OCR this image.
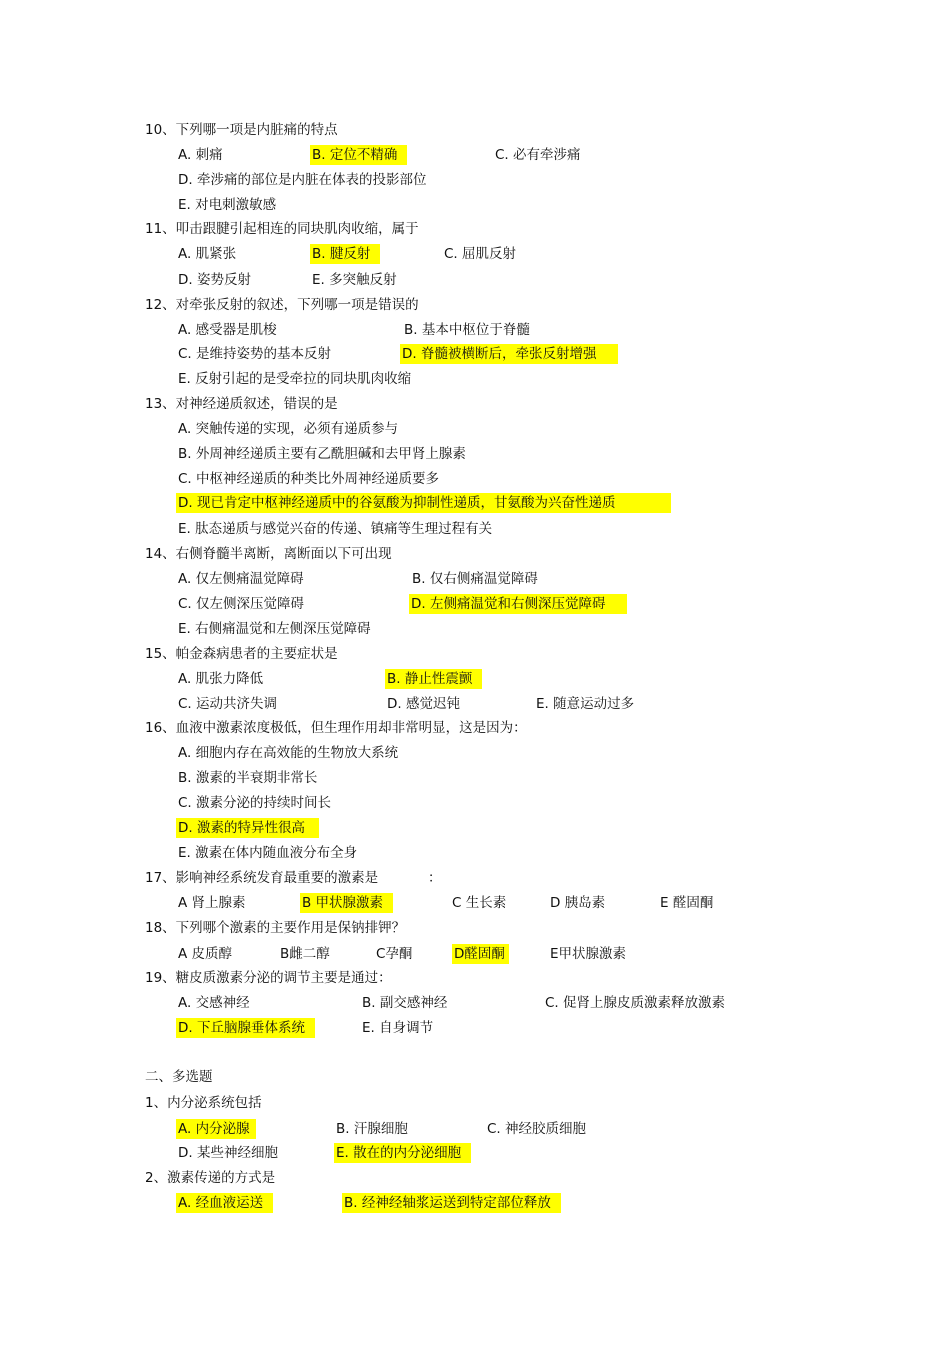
10、下列哪一项是内脏痛的特点
A. 刺痛	B. 定位不精确	C. 必有牵涉痛
D. 牵涉痛的部位是内脏在体表的投影部位
E. 对电刺激敏感
11、叩击跟腱引起相连的同块肌肉收缩，属于
A. 肌紧张	B. 腱反射	C. 屈肌反射
D. 姿势反射	E. 多突触反射
12、对牵张反射的叙述，下列哪一项是错误的
A. 感受器是肌梭	B. 基本中枢位于脊髓
C. 是维持姿势的基本反射	D. 脊髓被横断后，牵张反射增强
E. 反射引起的是受牵拉的同块肌肉收缩
13、对神经递质叙述，错误的是
A. 突触传递的实现，必须有递质参与
B. 外周神经递质主要有乙酰胆碱和去甲肾上腺素
C. 中枢神经递质的种类比外周神经递质要多
D. 现已肯定中枢神经递质中的谷氨酸为抑制性递质，甘氨酸为兴奋性递质
E. 肽态递质与感觉兴奋的传递、镇痛等生理过程有关
14、右侧脊髓半离断，离断面以下可出现
A. 仅左侧痛温觉障碍	B. 仅右侧痛温觉障碍
C. 仅左侧深压觉障碍	D. 左侧痛温觉和右侧深压觉障碍
E. 右侧痛温觉和左侧深压觉障碍
15、帕金森病患者的主要症状是
A. 肌张力降低	B. 静止性震颤
C. 运动共济失调	D. 感觉迟钝	E. 随意运动过多
16、血液中激素浓度极低，但生理作用却非常明显，这是因为：
A. 细胞内存在高效能的生物放大系统
B. 激素的半衰期非常长
C. 激素分泌的持续时间长
D. 激素的特异性很高
E. 激素在体内随血液分布全身
17、影响神经系统发育最重要的激素是	：
A 肾上腺素	B 甲状腺激素	C 生长素	D 胰岛素	E 醛固酮
18、下列哪个激素的主要作用是保钠排钾？
A 皮质醇	B雌二醇	C孕酮	D醛固酮	E甲状腺激素
19、糖皮质激素分泌的调节主要是通过：
A. 交感神经	B. 副交感神经	C. 促肾上腺皮质激素释放激素
D. 下丘脑腺垂体系统	E. 自身调节
二、多选题
1、内分泌系统包括
A. 内分泌腺	B. 汗腺细胞	C. 神经胶质细胞
D. 某些神经细胞	E. 散在的内分泌细胞
2、激素传递的方式是
A. 经血液运送	B. 经神经轴浆运送到特定部位释放
